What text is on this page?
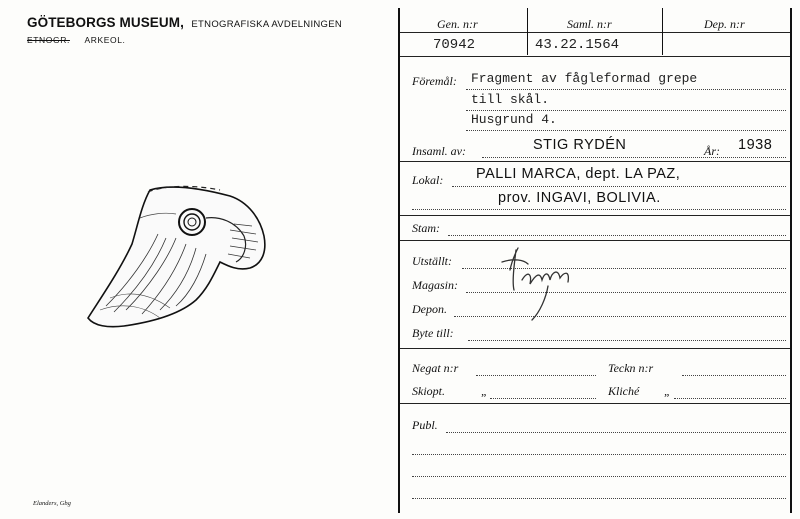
GÖTEBORGS MUSEUM, ETNOGRAFISKA AVDELNINGEN
ETNOGR. ARKEOL.
Elanders, Gbg
Gen. n:r	Saml. n:r	Dep. n:r
70942	43.22.1564
Föremål: Fragment av fågleformad grepe
till skål.
Husgrund 4.
Insaml. av:	STIG RYDÉN	År: 1938
Lokal: PALLI MARCA, dept. LA PAZ,
prov. INGAVI, BOLIVIA.
Stam:
Utställt:
Magasin:
Depon.
Byte till:
Negat n:r	Teckn n:r
Skiopt.	„	Kliché „
Publ.
